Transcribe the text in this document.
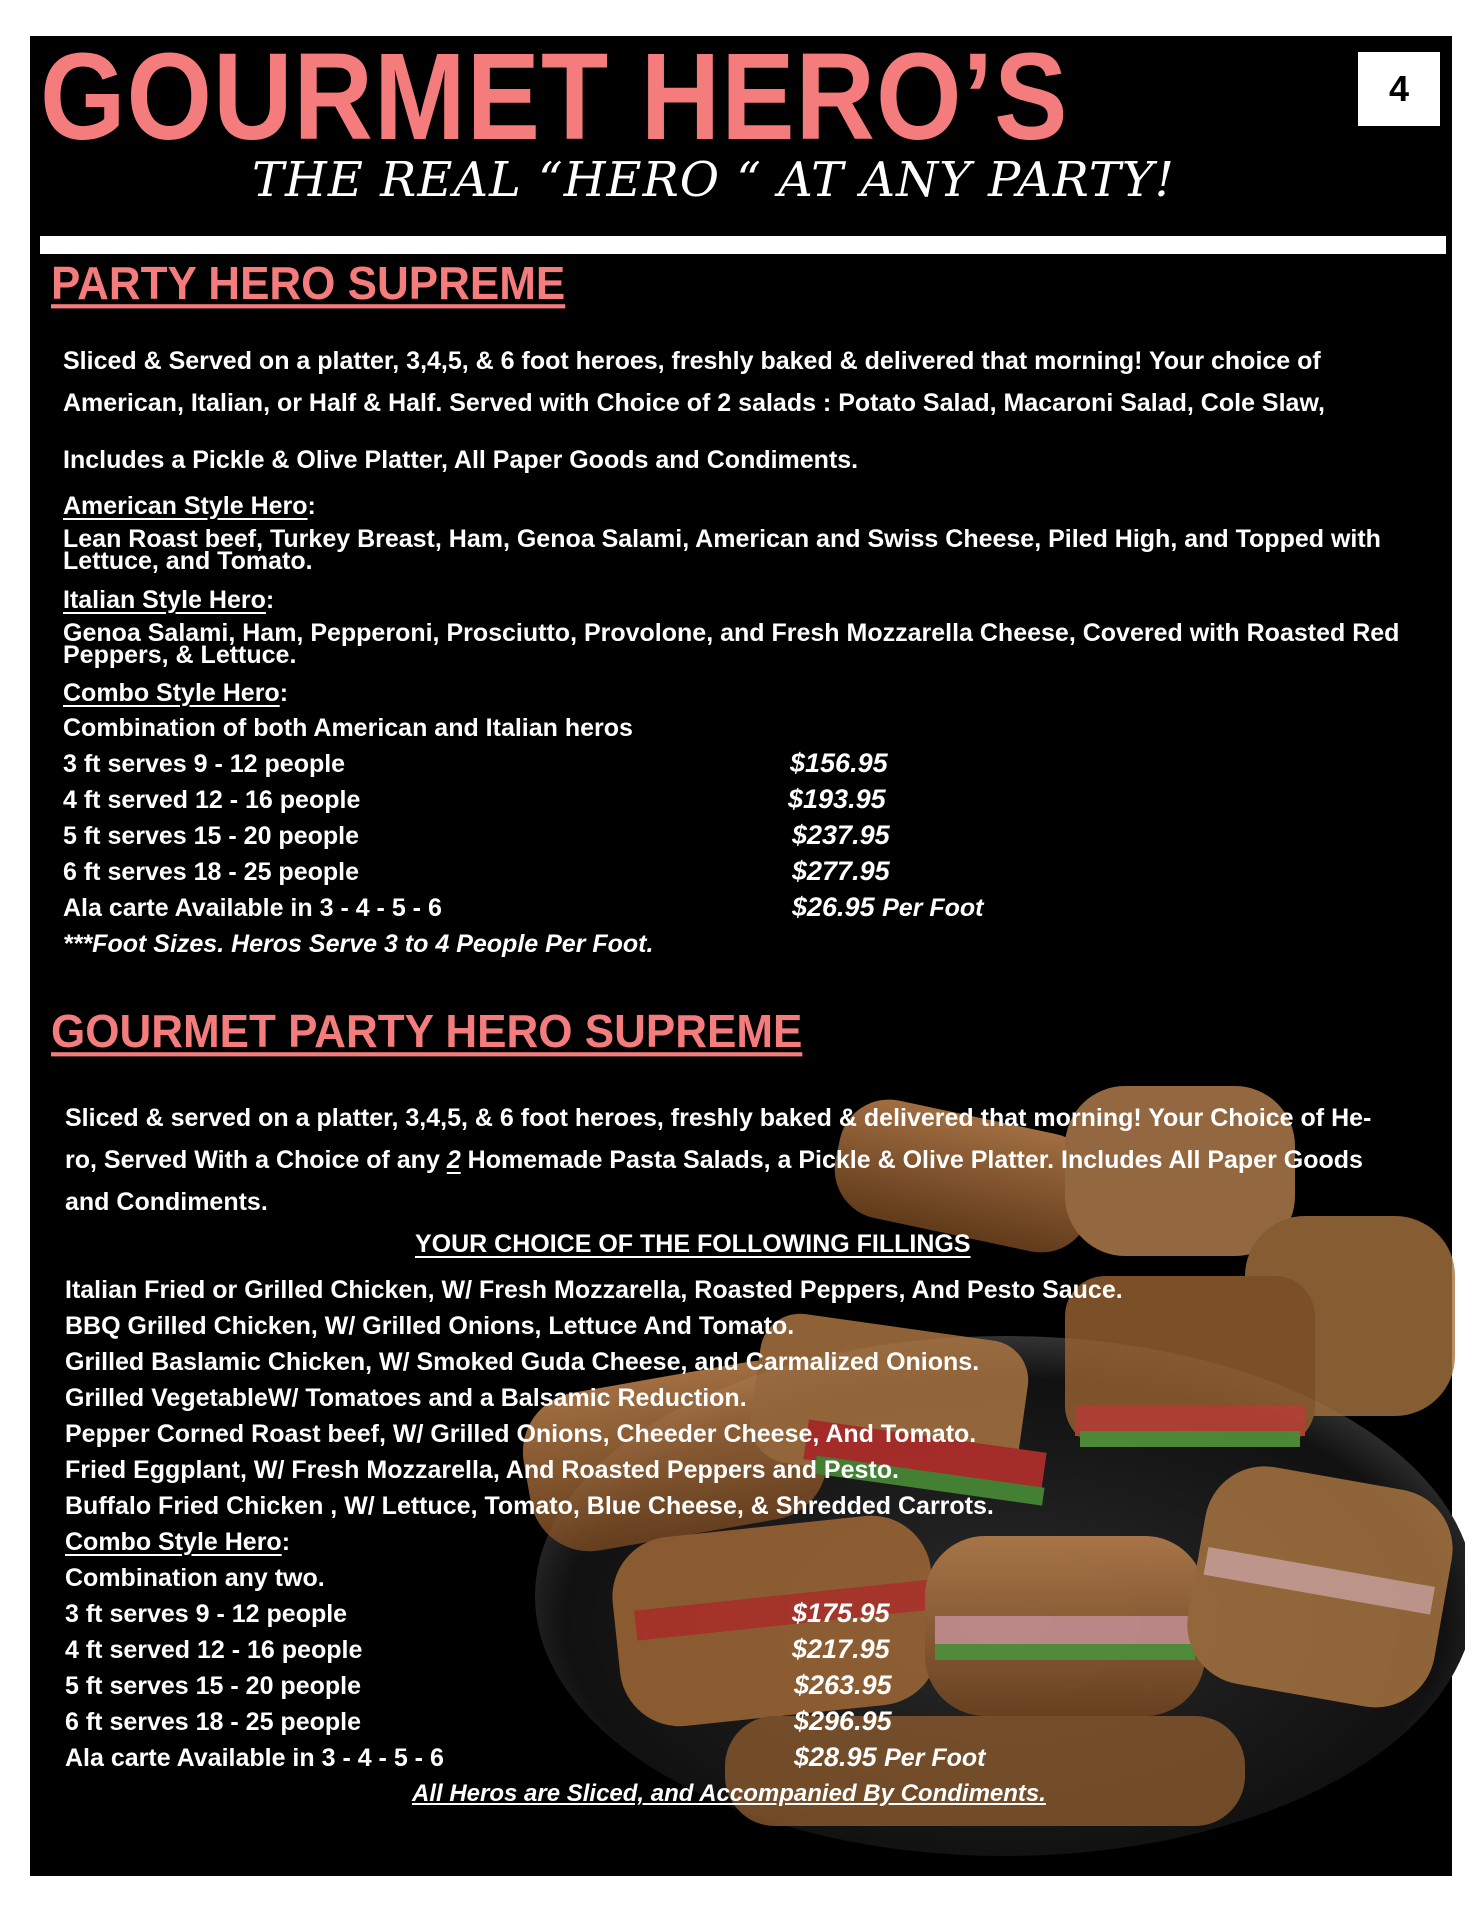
GOURMET HERO’S	4
THE REAL “HERO “ AT ANY PARTY!
PARTY HERO SUPREME
Sliced & Served on a platter, 3,4,5, & 6 foot heroes, freshly baked & delivered that morning! Your choice of
American, Italian, or Half & Half. Served with Choice of 2 salads : Potato Salad, Macaroni Salad, Cole Slaw,
Includes a Pickle & Olive Platter, All Paper Goods and Condiments.
American Style Hero:
Lean Roast beef, Turkey Breast, Ham, Genoa Salami, American and Swiss Cheese, Piled High, and Topped with Lettuce, and Tomato.
Italian Style Hero:
Genoa Salami, Ham, Pepperoni, Prosciutto, Provolone, and Fresh Mozzarella Cheese, Covered with Roasted Red Peppers, & Lettuce.
Combo Style Hero:
Combination of both American and Italian heros
3 ft serves 9 - 12 people	$156.95
4 ft served 12 - 16 people	$193.95
5 ft serves 15 - 20 people	$237.95
6 ft serves 18 - 25 people	$277.95
Ala carte Available in 3 - 4 - 5 - 6	$26.95 Per Foot
***Foot Sizes. Heros Serve 3 to 4 People Per Foot.
GOURMET PARTY HERO SUPREME
Sliced & served on a platter, 3,4,5, & 6 foot heroes, freshly baked & delivered that morning! Your Choice of He-
ro, Served With a Choice of any 2 Homemade Pasta Salads, a Pickle & Olive Platter. Includes All Paper Goods
and Condiments.
YOUR CHOICE OF THE FOLLOWING FILLINGS
Italian Fried or Grilled Chicken, W/ Fresh Mozzarella, Roasted Peppers, And Pesto Sauce.
BBQ Grilled Chicken, W/ Grilled Onions, Lettuce And Tomato.
Grilled Baslamic Chicken, W/ Smoked Guda Cheese, and Carmalized Onions.
Grilled VegetableW/ Tomatoes and a Balsamic Reduction.
Pepper Corned Roast beef, W/ Grilled Onions, Cheeder Cheese, And Tomato.
Fried Eggplant, W/ Fresh Mozzarella, And Roasted Peppers and Pesto.
Buffalo Fried Chicken , W/ Lettuce, Tomato, Blue Cheese, & Shredded Carrots.
Combo Style Hero:
Combination any two.
3 ft serves 9 - 12 people	$175.95
4 ft served 12 - 16 people	$217.95
5 ft serves 15 - 20 people	$263.95
6 ft serves 18 - 25 people	$296.95
Ala carte Available in 3 - 4 - 5 - 6	$28.95 Per Foot
All Heros are Sliced, and Accompanied By Condiments.
